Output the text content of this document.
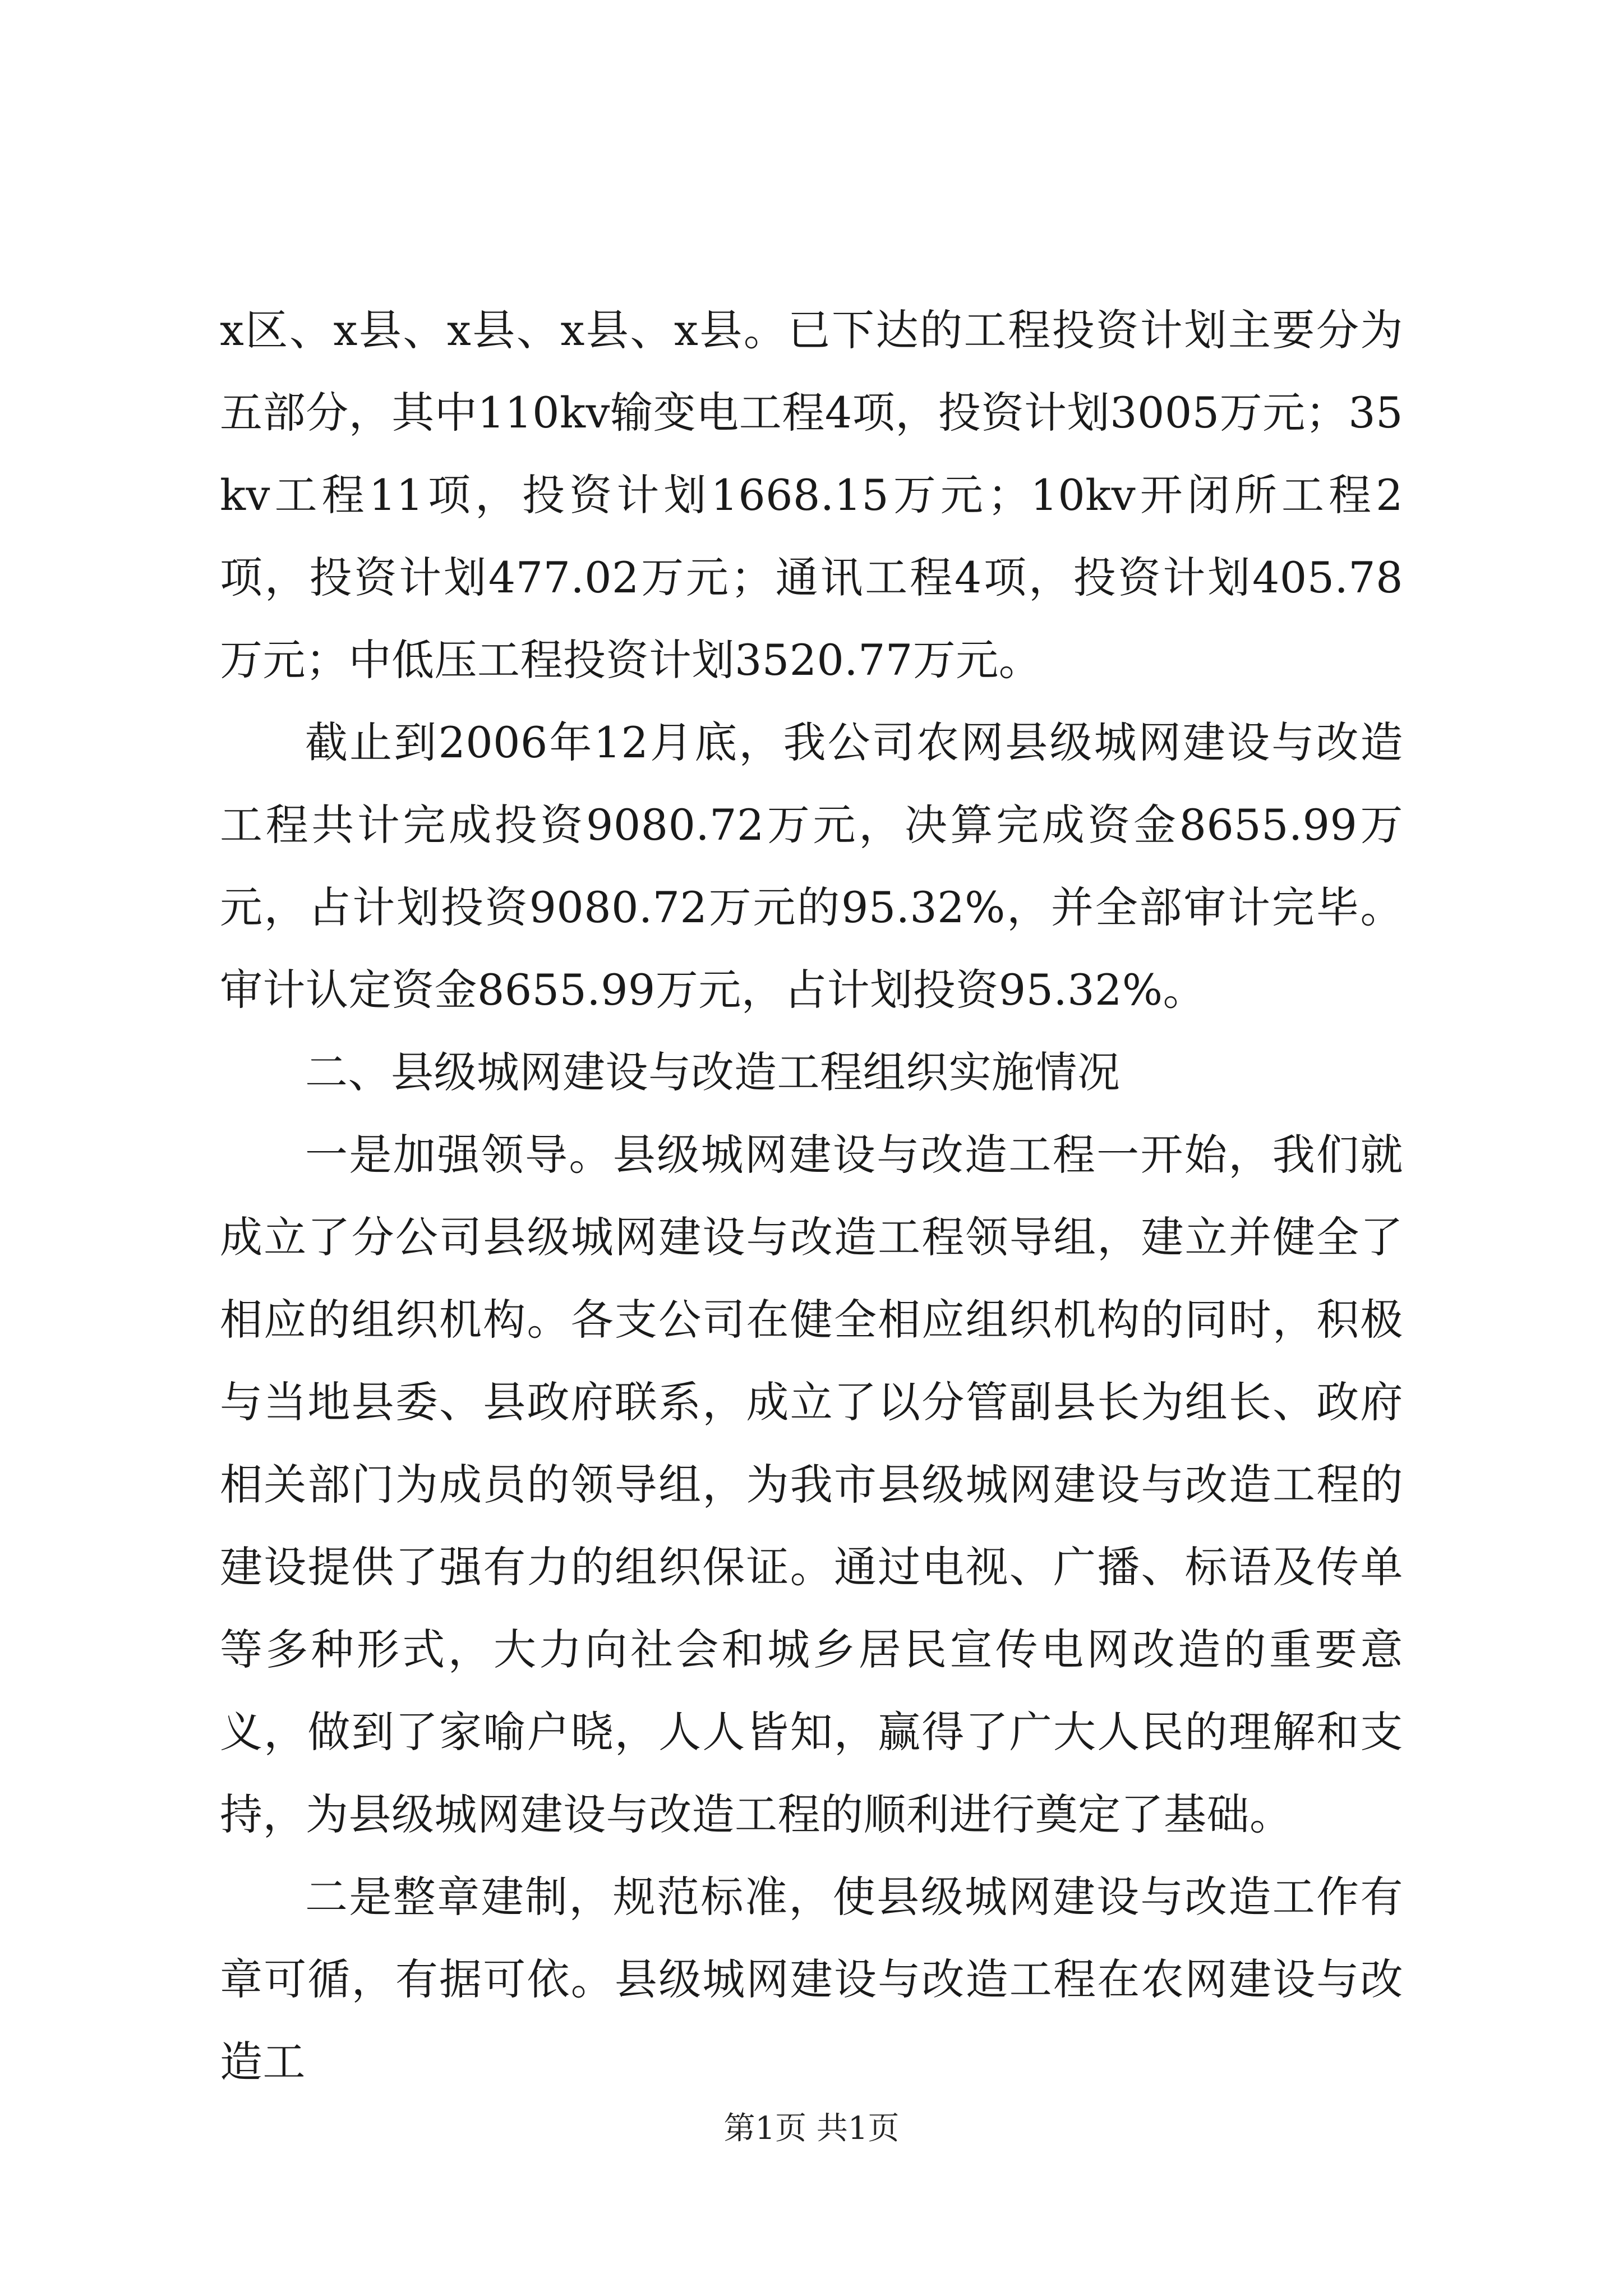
x区、x县、x县、x县、x县。已下达的工程投资计划主要分为五部分，其中110kv输变电工程4项，投资计划3005万元；35kv工程11项，投资计划1668.15万元；10kv开闭所工程2项，投资计划477.02万元；通讯工程4项，投资计划405.78万元；中低压工程投资计划3520.77万元。

截止到2006年12月底，我公司农网县级城网建设与改造工程共计完成投资9080.72万元，决算完成资金8655.99万元，占计划投资9080.72万元的95.32%，并全部审计完毕。审计认定资金8655.99万元，占计划投资95.32%。

二、县级城网建设与改造工程组织实施情况

一是加强领导。县级城网建设与改造工程一开始，我们就成立了分公司县级城网建设与改造工程领导组，建立并健全了相应的组织机构。各支公司在健全相应组织机构的同时，积极与当地县委、县政府联系，成立了以分管副县长为组长、政府相关部门为成员的领导组，为我市县级城网建设与改造工程的建设提供了强有力的组织保证。通过电视、广播、标语及传单等多种形式，大力向社会和城乡居民宣传电网改造的重要意义，做到了家喻户晓，人人皆知，赢得了广大人民的理解和支持，为县级城网建设与改造工程的顺利进行奠定了基础。

二是整章建制，规范标准，使县级城网建设与改造工作有章可循，有据可依。县级城网建设与改造工程在农网建设与改造工

第1页 共1页
